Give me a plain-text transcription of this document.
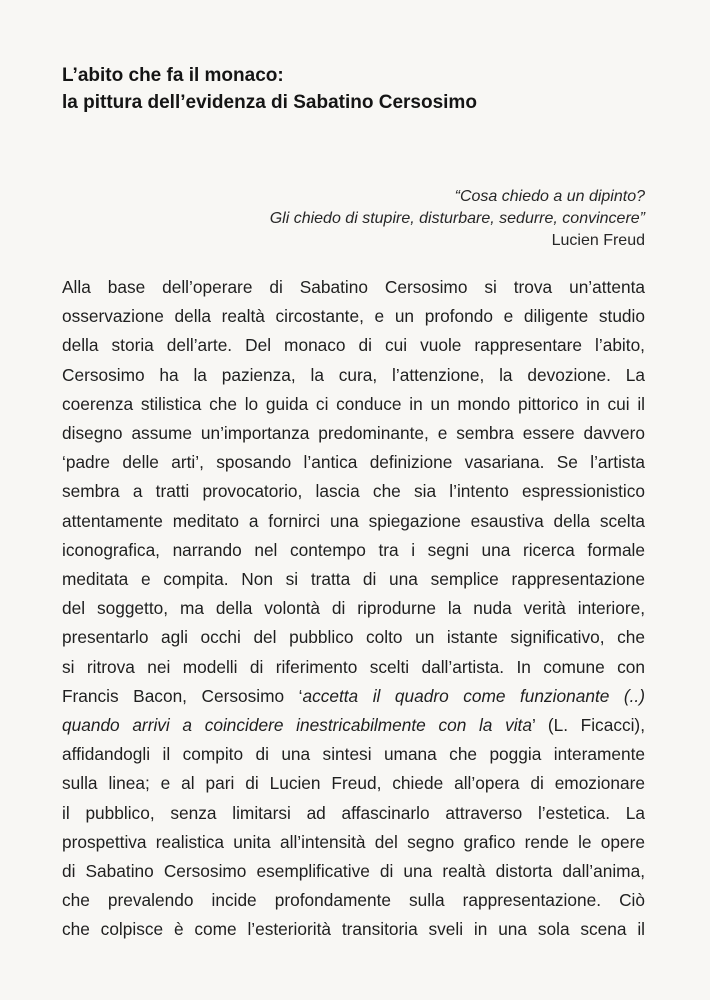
L’abito che fa il monaco:
la pittura dell’evidenza di Sabatino Cersosimo
“Cosa chiedo a un dipinto?
Gli chiedo di stupire, disturbare, sedurre, convincere”
Lucien Freud
Alla base dell’operare di Sabatino Cersosimo si trova un’attenta
osservazione della realtà circostante, e un profondo e diligente studio
della storia dell’arte. Del monaco di cui vuole rappresentare l’abito,
Cersosimo ha la pazienza, la cura, l’attenzione, la devozione. La
coerenza stilistica che lo guida ci conduce in un mondo pittorico in cui il
disegno assume un’importanza predominante, e sembra essere davvero
‘padre delle arti’, sposando l’antica definizione vasariana. Se l’artista
sembra a tratti provocatorio, lascia che sia l’intento espressionistico
attentamente meditato a fornirci una spiegazione esaustiva della scelta
iconografica, narrando nel contempo tra i segni una ricerca formale
meditata e compita. Non si tratta di una semplice rappresentazione
del soggetto, ma della volontà di riprodurne la nuda verità interiore,
presentarlo agli occhi del pubblico colto un istante significativo, che
si ritrova nei modelli di riferimento scelti dall’artista. In comune con
Francis Bacon, Cersosimo ‘accetta il quadro come funzionante (..)
quando arrivi a coincidere inestricabilmente con la vita’ (L. Ficacci),
affidandogli il compito di una sintesi umana che poggia interamente
sulla linea; e al pari di Lucien Freud, chiede all’opera di emozionare
il pubblico, senza limitarsi ad affascinarlo attraverso l’estetica. La
prospettiva realistica unita all’intensità del segno grafico rende le opere
di Sabatino Cersosimo esemplificative di una realtà distorta dall’anima,
che prevalendo incide profondamente sulla rappresentazione. Ciò
che colpisce è come l’esteriorità transitoria sveli in una sola scena il
